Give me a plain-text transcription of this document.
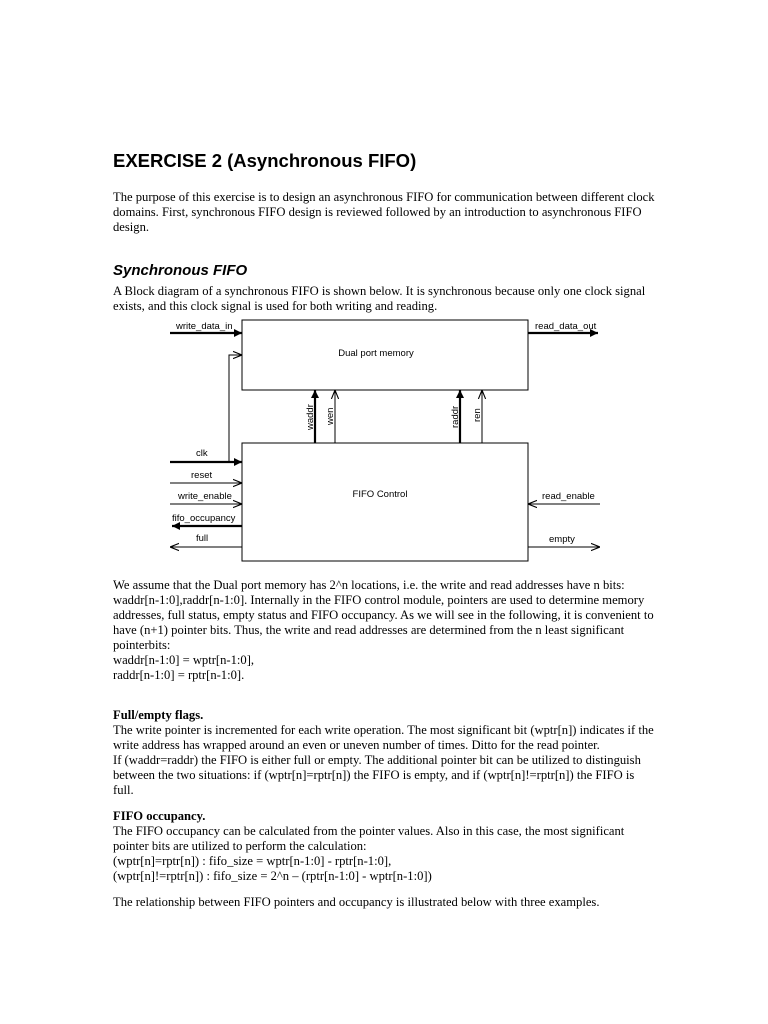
EXERCISE 2 (Asynchronous FIFO)

The purpose of this exercise is to design an asynchronous FIFO for communication between different clock
domains. First, synchronous FIFO design is reviewed followed by an introduction to asynchronous FIFO
design.

Synchronous FIFO

A Block diagram of a synchronous FIFO is shown below. It is synchronous because only one clock signal
exists, and this clock signal is used for both writing and reading.

Dual port memory
FIFO Control
write_data_in	read_data_out
waddr wen	raddr ren
clk
reset
write_enable
fifo_occupancy
full
read_enable
empty

We assume that the Dual port memory has 2^n locations, i.e. the write and read addresses have n bits:
waddr[n-1:0],raddr[n-1:0]. Internally in the FIFO control module, pointers are used to determine memory
addresses, full status, empty status and FIFO occupancy. As we will see in the following, it is convenient to
have (n+1) pointer bits. Thus, the write and read addresses are determined from the n least significant
pointerbits:
waddr[n-1:0] = wptr[n-1:0],
raddr[n-1:0] = rptr[n-1:0].

Full/empty flags.
The write pointer is incremented for each write operation. The most significant bit (wptr[n]) indicates if the
write address has wrapped around an even or uneven number of times. Ditto for the read pointer.
If (waddr=raddr) the FIFO is either full or empty. The additional pointer bit can be utilized to distinguish
between the two situations: if (wptr[n]=rptr[n]) the FIFO is empty, and if (wptr[n]!=rptr[n]) the FIFO is
full.

FIFO occupancy.
The FIFO occupancy can be calculated from the pointer values. Also in this case, the most significant
pointer bits are utilized to perform the calculation:
(wptr[n]=rptr[n]) : fifo_size = wptr[n-1:0] - rptr[n-1:0],
(wptr[n]!=rptr[n]) : fifo_size = 2^n – (rptr[n-1:0] - wptr[n-1:0])

The relationship between FIFO pointers and occupancy is illustrated below with three examples.
